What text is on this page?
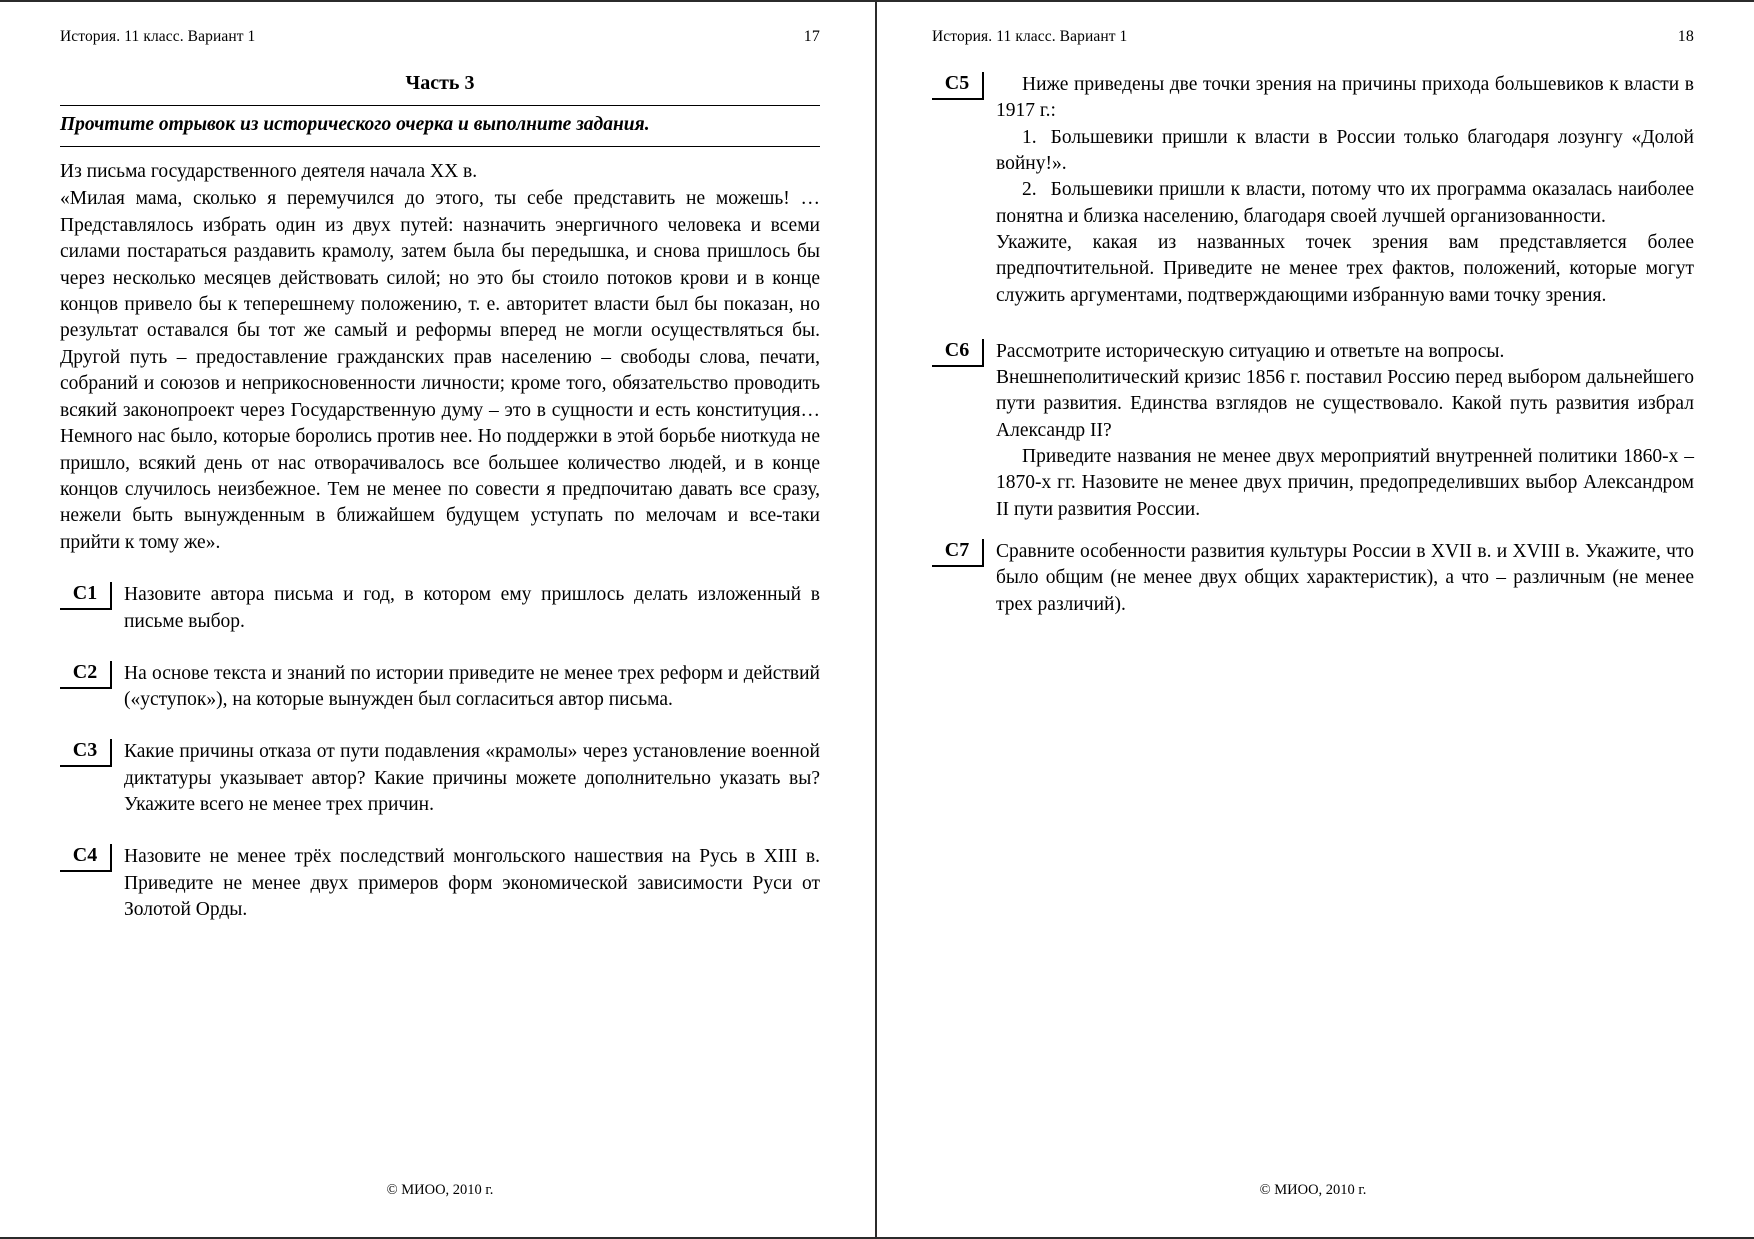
История. 11 класс. Вариант 1	17
Часть 3

Прочтите отрывок из исторического очерка и выполните задания.

Из письма государственного деятеля начала XX в.

«Милая мама, сколько я перемучился до этого, ты себе представить не можешь! …Представлялось избрать один из двух путей: назначить энергичного человека и всеми силами постараться раздавить крамолу, затем была бы передышка, и снова пришлось бы через несколько месяцев действовать силой; но это бы стоило потоков крови и в конце концов привело бы к теперешнему положению, т. е. авторитет власти был бы показан, но результат оставался бы тот же самый и реформы вперед не могли осуществляться бы. Другой путь – предоставление гражданских прав населению – свободы слова, печати, собраний и союзов и неприкосновенности личности; кроме того, обязательство проводить всякий законопроект через Государственную думу – это в сущности и есть конституция… Немного нас было, которые боролись против нее. Но поддержки в этой борьбе ниоткуда не пришло, всякий день от нас отворачивалось все большее количество людей, и в конце концов случилось неизбежное. Тем не менее по совести я предпочитаю давать все сразу, нежели быть вынужденным в ближайшем будущем уступать по мелочам и все-таки прийти к тому же».

C1	Назовите автора письма и год, в котором ему пришлось делать изложенный в письме выбор.
C2	На основе текста и знаний по истории приведите не менее трех реформ и действий («уступок»), на которые вынужден был согласиться автор письма.
C3	Какие причины отказа от пути подавления «крамолы» через установление военной диктатуры указывает автор? Какие причины можете дополнительно указать вы? Укажите всего не менее трех причин.
C4	Назовите не менее трёх последствий монгольского нашествия на Русь в XIII в. Приведите не менее двух примеров форм экономической зависимости Руси от Золотой Орды.
© МИОО, 2010 г.
История. 11 класс. Вариант 1	18
C5	Ниже приведены две точки зрения на причины прихода большевиков к власти в 1917 г.:

1. Большевики пришли к власти в России только благодаря лозунгу «Долой войну!».

2. Большевики пришли к власти, потому что их программа оказалась наиболее понятна и близка населению, благодаря своей лучшей организованности.

Укажите, какая из названных точек зрения вам представляется более предпочтительной. Приведите не менее трех фактов, положений, которые могут служить аргументами, подтверждающими избранную вами точку зрения.

C6	Рассмотрите историческую ситуацию и ответьте на вопросы.

Внешнеполитический кризис 1856 г. поставил Россию перед выбором дальнейшего пути развития. Единства взглядов не существовало. Какой путь развития избрал Александр II?

Приведите названия не менее двух мероприятий внутренней политики 1860-х – 1870-х гг. Назовите не менее двух причин, предопределивших выбор Александром II пути развития России.

C7	Сравните особенности развития культуры России в XVII в. и XVIII в. Укажите, что было общим (не менее двух общих характеристик), а что – различным (не менее трех различий).
© МИОО, 2010 г.
